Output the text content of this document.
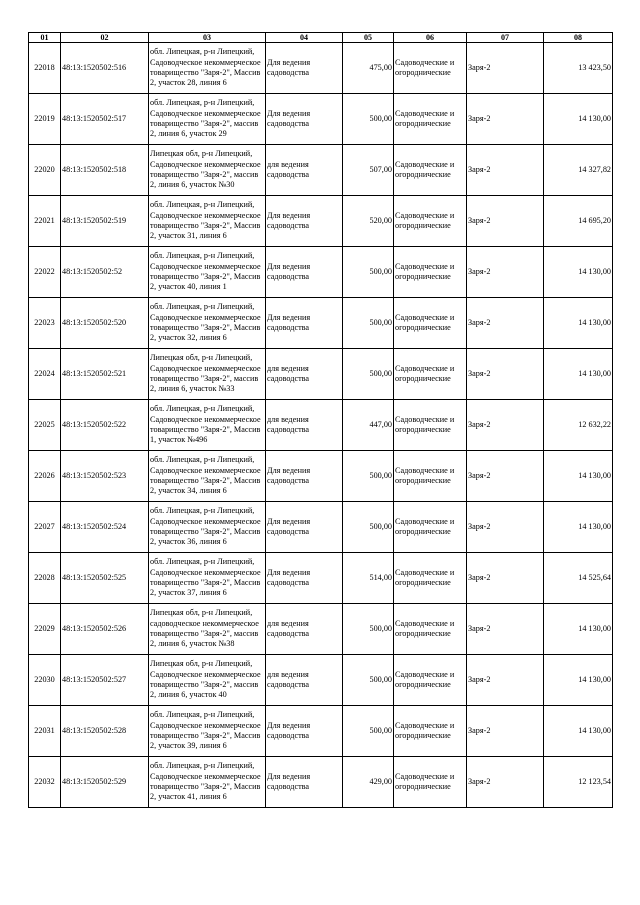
01	02	03	04	05	06	07	08
22018	48:13:1520502:516	обл. Липецкая, р-н Липецкий, Садоводческое некоммерческое товарищество "Заря-2", Массив 2, участок 28, линия 6	Для ведения садоводства	475,00	Садоводческие и огороднические	Заря-2	13 423,50
22019	48:13:1520502:517	обл. Липецкая, р-н Липецкий, Садоводческое некоммерческое товарищество "Заря-2", массив 2, линия 6, участок 29	Для ведения садоводства	500,00	Садоводческие и огороднические	Заря-2	14 130,00
22020	48:13:1520502:518	Липецкая обл, р-н Липецкий, Садоводческое некоммерческое товарищество "Заря-2", массив 2, линия 6, участок №30	для ведения садоводства	507,00	Садоводческие и огороднические	Заря-2	14 327,82
22021	48:13:1520502:519	обл. Липецкая, р-н Липецкий, Садоводческое некоммерческое товарищество "Заря-2", Массив 2, участок 31, линия 6	Для ведения садоводства	520,00	Садоводческие и огороднические	Заря-2	14 695,20
22022	48:13:1520502:52	обл. Липецкая, р-н Липецкий, Садоводческое некоммерческое товарищество "Заря-2", Массив 2, участок 40, линия 1	Для ведения садоводства	500,00	Садоводческие и огороднические	Заря-2	14 130,00
22023	48:13:1520502:520	обл. Липецкая, р-н Липецкий, Садоводческое некоммерческое товарищество "Заря-2", Массив 2, участок 32, линия 6	Для ведения садоводства	500,00	Садоводческие и огороднические	Заря-2	14 130,00
22024	48:13:1520502:521	Липецкая обл, р-н Липецкий, Садоводческое некоммерческое товарищество "Заря-2", массив 2, линия 6, участок №33	для ведения садоводства	500,00	Садоводческие и огороднические	Заря-2	14 130,00
22025	48:13:1520502:522	обл. Липецкая, р-н Липецкий, Садоводческое некоммерческое товарищество "Заря-2", Массив 1, участок №496	для ведения садоводства	447,00	Садоводческие и огороднические	Заря-2	12 632,22
22026	48:13:1520502:523	обл. Липецкая, р-н Липецкий, Садоводческое некоммерческое товарищество "Заря-2", Массив 2, участок 34, линия 6	Для ведения садоводства	500,00	Садоводческие и огороднические	Заря-2	14 130,00
22027	48:13:1520502:524	обл. Липецкая, р-н Липецкий, Садоводческое некоммерческое товарищество "Заря-2", Массив 2, участок 36, линия 6	Для ведения садоводства	500,00	Садоводческие и огороднические	Заря-2	14 130,00
22028	48:13:1520502:525	обл. Липецкая, р-н Липецкий, Садоводческое некоммерческое товарищество "Заря-2", Массив 2, участок 37, линия 6	Для ведения садоводства	514,00	Садоводческие и огороднические	Заря-2	14 525,64
22029	48:13:1520502:526	Липецкая обл, р-н Липецкий, садоводческое некоммерческое товарищество "Заря-2", массив 2, линия 6, участок №38	для ведения садоводства	500,00	Садоводческие и огороднические	Заря-2	14 130,00
22030	48:13:1520502:527	Липецкая обл, р-н Липецкий, Садоводческое некоммерческое товарищество "Заря-2", массив 2, линия 6, участок 40	для ведения садоводства	500,00	Садоводческие и огороднические	Заря-2	14 130,00
22031	48:13:1520502:528	обл. Липецкая, р-н Липецкий, Садоводческое некоммерческое товарищество "Заря-2", Массив 2, участок 39, линия 6	Для ведения садоводства	500,00	Садоводческие и огороднические	Заря-2	14 130,00
22032	48:13:1520502:529	обл. Липецкая, р-н Липецкий, Садоводческое некоммерческое товарищество "Заря-2", Массив 2, участок 41, линия 6	Для ведения садоводства	429,00	Садоводческие и огороднические	Заря-2	12 123,54
